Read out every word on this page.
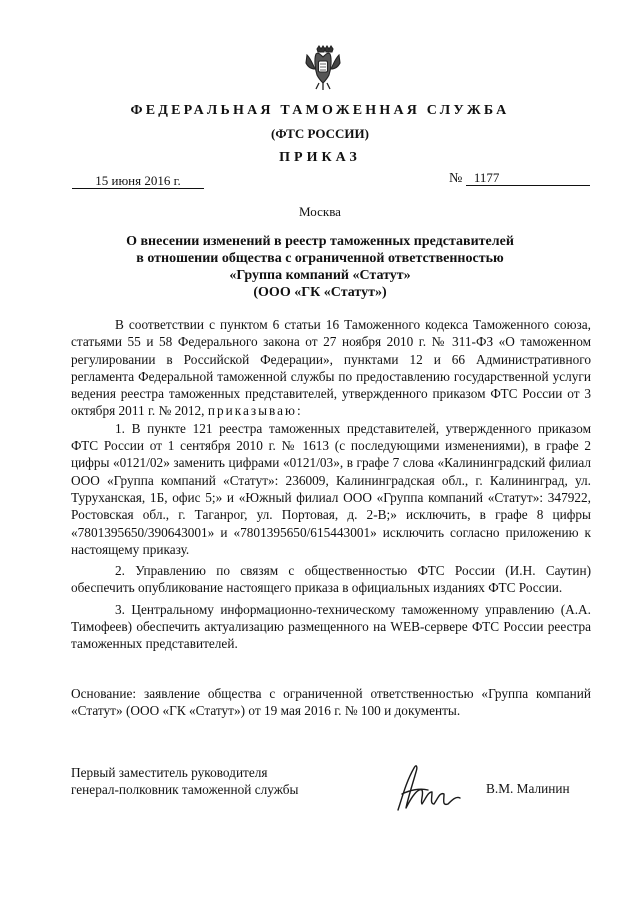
ФЕДЕРАЛЬНАЯ ТАМОЖЕННАЯ СЛУЖБА
(ФТС РОССИИ)
ПРИКАЗ
15 июня 2016 г.	№ 1177
Москва
О внесении изменений в реестр таможенных представителей
в отношении общества с ограниченной ответственностью
«Группа компаний «Статут»
(ООО «ГК «Статут»)

В соответствии с пунктом 6 статьи 16 Таможенного кодекса Таможенного союза, статьями 55 и 58 Федерального закона от 27 ноября 2010 г. № 311-ФЗ «О таможенном регулировании в Российской Федерации», пунктами 12 и 66 Административного регламента Федеральной таможенной службы по предоставлению государственной услуги ведения реестра таможенных представителей, утвержденного приказом ФТС России от 3 октября 2011 г. № 2012, приказываю:

1. В пункте 121 реестра таможенных представителей, утвержденного приказом ФТС России от 1 сентября 2010 г. № 1613 (с последующими изменениями), в графе 2 цифры «0121/02» заменить цифрами «0121/03», в графе 7 слова «Калининградский филиал ООО «Группа компаний «Статут»: 236009, Калининградская обл., г. Калининград, ул. Туруханская, 1Б, офис 5;» и «Южный филиал ООО «Группа компаний «Статут»: 347922, Ростовская обл., г. Таганрог, ул. Портовая, д. 2-В;» исключить, в графе 8 цифры «7801395650/390643001» и «7801395650/615443001» исключить согласно приложению к настоящему приказу.

2. Управлению по связям с общественностью ФТС России (И.Н. Саутин) обеспечить опубликование настоящего приказа в официальных изданиях ФТС России.

3. Центральному информационно-техническому таможенному управлению (А.А. Тимофеев) обеспечить актуализацию размещенного на WEB-сервере ФТС России реестра таможенных представителей.

Основание: заявление общества с ограниченной ответственностью «Группа компаний «Статут» (ООО «ГК «Статут») от 19 мая 2016 г. № 100 и документы.
Первый заместитель руководителя
генерал-полковник таможенной службы	В.М. Малинин
